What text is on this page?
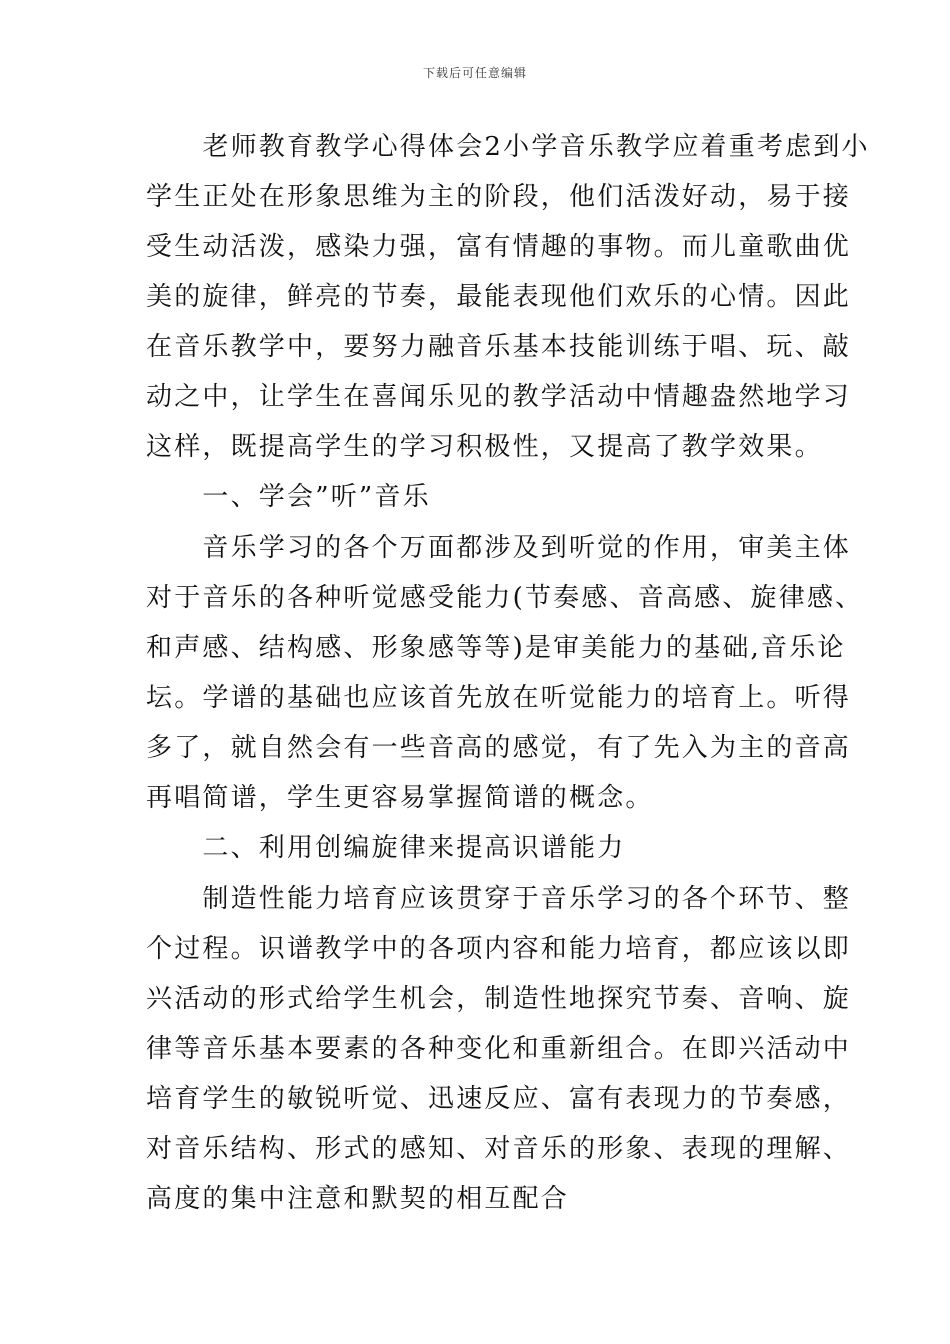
下载后可任意编辑
　　老师教育教学心得体会2小学音乐教学应着重考虑到小
学生正处在形象思维为主的阶段，他们活泼好动，易于接
受生动活泼，感染力强，富有情趣的事物。而儿童歌曲优
美的旋律，鲜亮的节奏，最能表现他们欢乐的心情。因此
在音乐教学中，要努力融音乐基本技能训练于唱、玩、敲
动之中，让学生在喜闻乐见的教学活动中情趣盎然地学习
这样，既提高学生的学习积极性，又提高了教学效果。
　　一、学会”听”音乐
　　音乐学习的各个万面都涉及到听觉的作用，审美主体
对于音乐的各种听觉感受能力(节奏感、音高感、旋律感、
和声感、结构感、形象感等等)是审美能力的基础,音乐论
坛。学谱的基础也应该首先放在听觉能力的培育上。听得
多了，就自然会有一些音高的感觉，有了先入为主的音高
再唱简谱，学生更容易掌握简谱的概念。
　　二、利用创编旋律来提高识谱能力
　　制造性能力培育应该贯穿于音乐学习的各个环节、整
个过程。识谱教学中的各项内容和能力培育，都应该以即
兴活动的形式给学生机会，制造性地探究节奏、音响、旋
律等音乐基本要素的各种变化和重新组合。在即兴活动中
培育学生的敏锐听觉、迅速反应、富有表现力的节奏感，
对音乐结构、形式的感知、对音乐的形象、表现的理解、
高度的集中注意和默契的相互配合
